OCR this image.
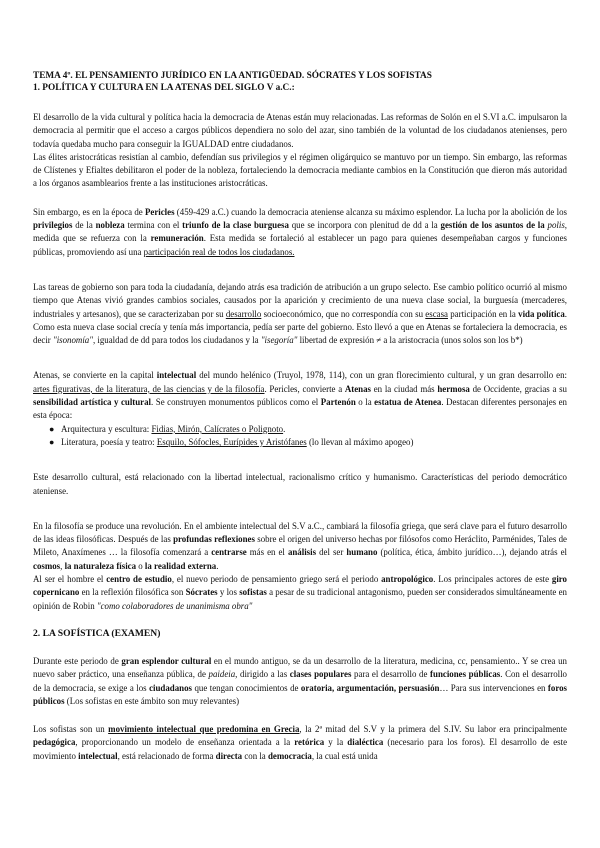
TEMA 4º. EL PENSAMIENTO JURÍDICO EN LA ANTIGÜEDAD. SÓCRATES Y LOS SOFISTAS

1. POLÍTICA Y CULTURA EN LA ATENAS DEL SIGLO V a.C.:

El desarrollo de la vida cultural y política hacia la democracia de Atenas están muy relacionadas. Las reformas de Solón en el S.VI a.C. impulsaron la democracia al permitir que el acceso a cargos públicos dependiera no solo del azar, sino también de la voluntad de los ciudadanos atenienses, pero todavía quedaba mucho para conseguir la IGUALDAD entre ciudadanos.

Las élites aristocráticas resistían al cambio, defendían sus privilegios y el régimen oligárquico se mantuvo por un tiempo. Sin embargo, las reformas de Clístenes y Efialtes debilitaron el poder de la nobleza, fortaleciendo la democracia mediante cambios en la Constitución que dieron más autoridad a los órganos asamblearios frente a las instituciones aristocráticas.

Sin embargo, es en la época de Pericles (459-429 a.C.) cuando la democracia ateniense alcanza su máximo esplendor. La lucha por la abolición de los privilegios de la nobleza termina con el triunfo de la clase burguesa que se incorpora con plenitud de dd a la gestión de los asuntos de la polis, medida que se refuerza con la remuneración. Esta medida se fortaleció al establecer un pago para quienes desempeñaban cargos y funciones públicas, promoviendo así una participación real de todos los ciudadanos.

Las tareas de gobierno son para toda la ciudadanía, dejando atrás esa tradición de atribución a un grupo selecto. Ese cambio político ocurrió al mismo tiempo que Atenas vivió grandes cambios sociales, causados por la aparición y crecimiento de una nueva clase social, la burguesía (mercaderes, industriales y artesanos), que se caracterizaban por su desarrollo socioeconómico, que no correspondía con su escasa participación en la vida política. Como esta nueva clase social crecía y tenía más importancia, pedía ser parte del gobierno. Esto llevó a que en Atenas se fortaleciera la democracia, es decir "isonomía", igualdad de dd para todos los ciudadanos y la "isegoría" libertad de expresión ≠ a la aristocracia (unos solos son los b*)

Atenas, se convierte en la capital intelectual del mundo helénico (Truyol, 1978, 114), con un gran florecimiento cultural, y un gran desarrollo en: artes figurativas, de la literatura, de las ciencias y de la filosofía. Pericles, convierte a Atenas en la ciudad más hermosa de Occidente, gracias a su sensibilidad artística y cultural. Se construyen monumentos públicos como el Partenón o la estatua de Atenea. Destacan diferentes personajes en esta época:

● Arquitectura y escultura: Fidias, Mirón, Calícrates o Polignoto.
● Literatura, poesía y teatro: Esquilo, Sófocles, Eurípides y Aristófanes (lo llevan al máximo apogeo)

Este desarrollo cultural, está relacionado con la libertad intelectual, racionalismo crítico y humanismo. Características del periodo democrático ateniense.

En la filosofía se produce una revolución. En el ambiente intelectual del S.V a.C., cambiará la filosofía griega, que será clave para el futuro desarrollo de las ideas filosóficas. Después de las profundas reflexiones sobre el origen del universo hechas por filósofos como Heráclito, Parménides, Tales de Mileto, Anaxímenes … la filosofía comenzará a centrarse más en el análisis del ser humano (política, ética, ámbito jurídico…), dejando atrás el cosmos, la naturaleza física o la realidad externa.

Al ser el hombre el centro de estudio, el nuevo periodo de pensamiento griego será el periodo antropológico. Los principales actores de este giro copernicano en la reflexión filosófica son Sócrates y los sofistas a pesar de su tradicional antagonismo, pueden ser considerados simultáneamente en opinión de Robin "como colaboradores de unanimisma obra"

2. LA SOFÍSTICA (EXAMEN)

Durante este periodo de gran esplendor cultural en el mundo antiguo, se da un desarrollo de la literatura, medicina, cc, pensamiento.. Y se crea un nuevo saber práctico, una enseñanza pública, de paideia, dirigido a las clases populares para el desarrollo de funciones públicas. Con el desarrollo de la democracia, se exige a los ciudadanos que tengan conocimientos de oratoria, argumentación, persuasión… Para sus intervenciones en foros públicos (Los sofistas en este ámbito son muy relevantes)

Los sofistas son un movimiento intelectual que predomina en Grecia, la 2ª mitad del S.V y la primera del S.IV. Su labor era principalmente pedagógica, proporcionando un modelo de enseñanza orientada a la retórica y la dialéctica (necesario para los foros). El desarrollo de este movimiento intelectual, está relacionado de forma directa con la democracia, la cual está unida
